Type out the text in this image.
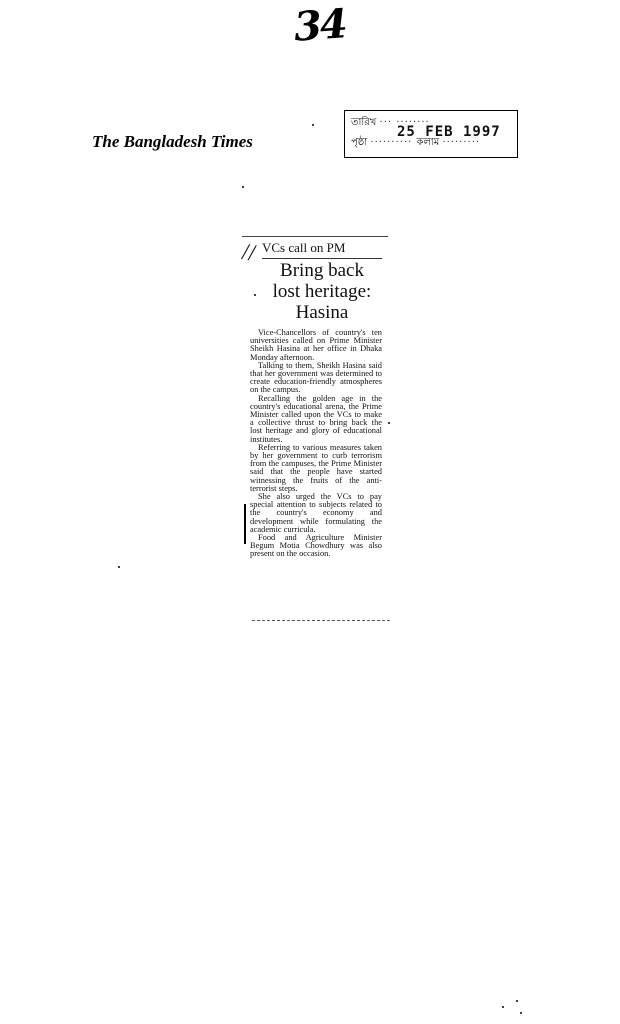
34
The Bangladesh Times
তারিখ ··· ········
25 FEB 1997
পৃষ্ঠা ·········· কলাম ·········
// VCs call on PM
Bring back
lost heritage:
Hasina

Vice-Chancellors of country's ten universities called on Prime Minister Sheikh Hasina at her office in Dhaka Monday afternoon.

Talking to them, Sheikh Hasina said that her government was determined to create education-friendly atmospheres on the campus.

Recalling the golden age in the country's educational arena, the Prime Minister called upon the VCs to make a collective thrust to bring back the lost heritage and glory of educational institutes.

Referring to various measures taken by her government to curb terrorism from the campuses, the Prime Minister said that the people have started witnessing the fruits of the anti-terrorist steps.

She also urged the VCs to pay special attention to subjects related to the country's economy and development while formulating the academic curricula.

Food and Agriculture Minister Begum Motia Chowdhury was also present on the occasion.
